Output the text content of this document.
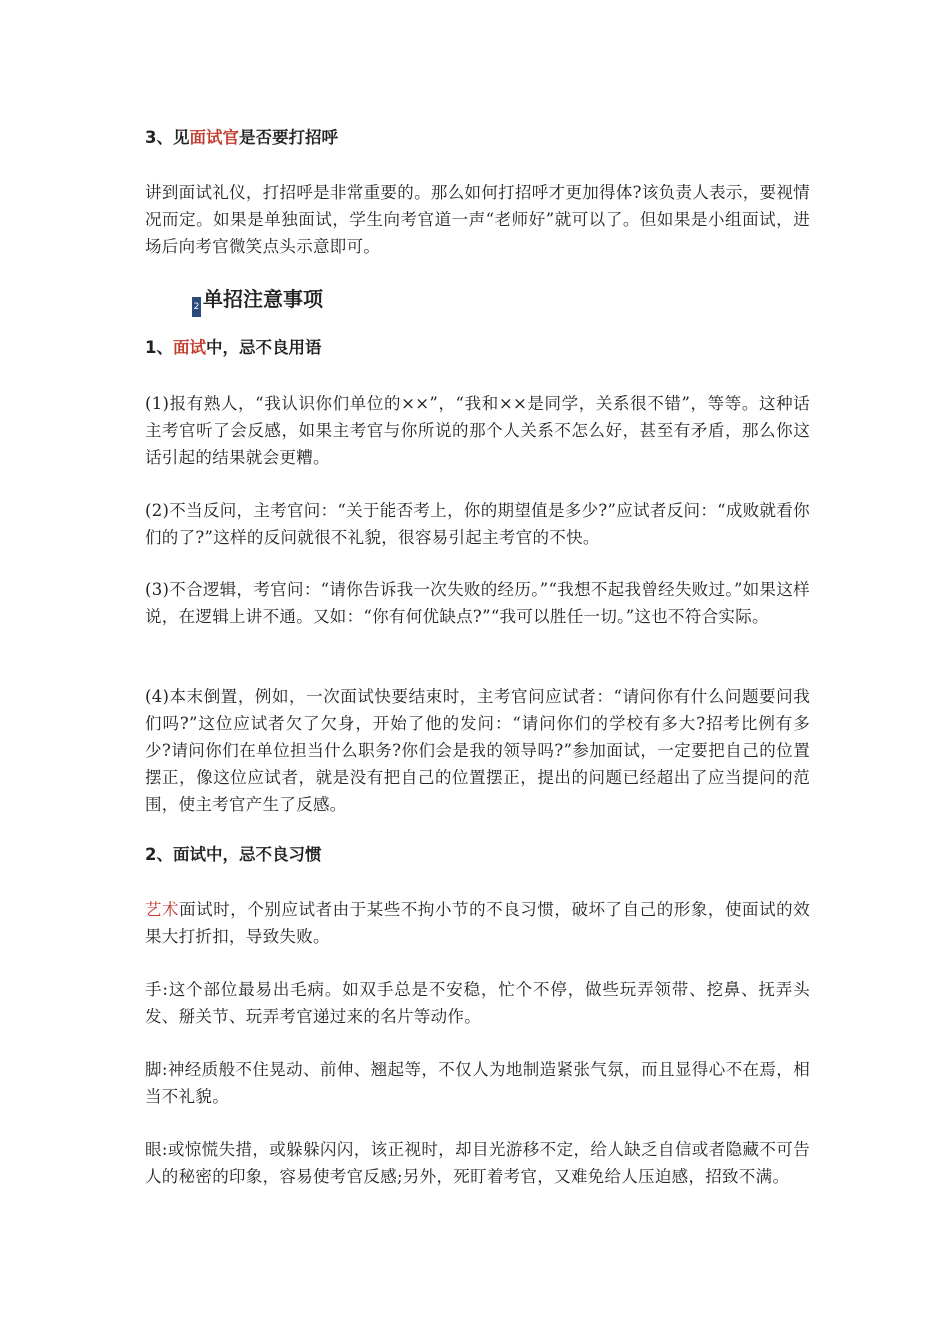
3、见面试官是否要打招呼

讲到面试礼仪，打招呼是非常重要的。那么如何打招呼才更加得体?该负责人表示，要视情况而定。如果是单独面试，学生向考官道一声“老师好”就可以了。但如果是小组面试，进场后向考官微笑点头示意即可。

2 单招注意事项
1、面试中，忌不良用语

(1)报有熟人，“我认识你们单位的××”，“我和××是同学，关系很不错”，等等。这种话主考官听了会反感，如果主考官与你所说的那个人关系不怎么好，甚至有矛盾，那么你这话引起的结果就会更糟。

(2)不当反问，主考官问：“关于能否考上，你的期望值是多少?”应试者反问：“成败就看你们的了?”这样的反问就很不礼貌，很容易引起主考官的不快。

(3)不合逻辑，考官问：“请你告诉我一次失败的经历。”“我想不起我曾经失败过。”如果这样说，在逻辑上讲不通。又如：“你有何优缺点?”“我可以胜任一切。”这也不符合实际。

(4)本末倒置，例如，一次面试快要结束时，主考官问应试者：“请问你有什么问题要问我们吗?”这位应试者欠了欠身，开始了他的发问：“请问你们的学校有多大?招考比例有多少?请问你们在单位担当什么职务?你们会是我的领导吗?”参加面试，一定要把自己的位置摆正，像这位应试者，就是没有把自己的位置摆正，提出的问题已经超出了应当提问的范围，使主考官产生了反感。

2、面试中，忌不良习惯

艺术面试时，个别应试者由于某些不拘小节的不良习惯，破坏了自己的形象，使面试的效果大打折扣，导致失败。

手:这个部位最易出毛病。如双手总是不安稳，忙个不停，做些玩弄领带、挖鼻、抚弄头发、掰关节、玩弄考官递过来的名片等动作。

脚:神经质般不住晃动、前伸、翘起等，不仅人为地制造紧张气氛，而且显得心不在焉，相当不礼貌。

眼:或惊慌失措，或躲躲闪闪，该正视时，却目光游移不定，给人缺乏自信或者隐藏不可告人的秘密的印象，容易使考官反感;另外，死盯着考官，又难免给人压迫感，招致不满。
